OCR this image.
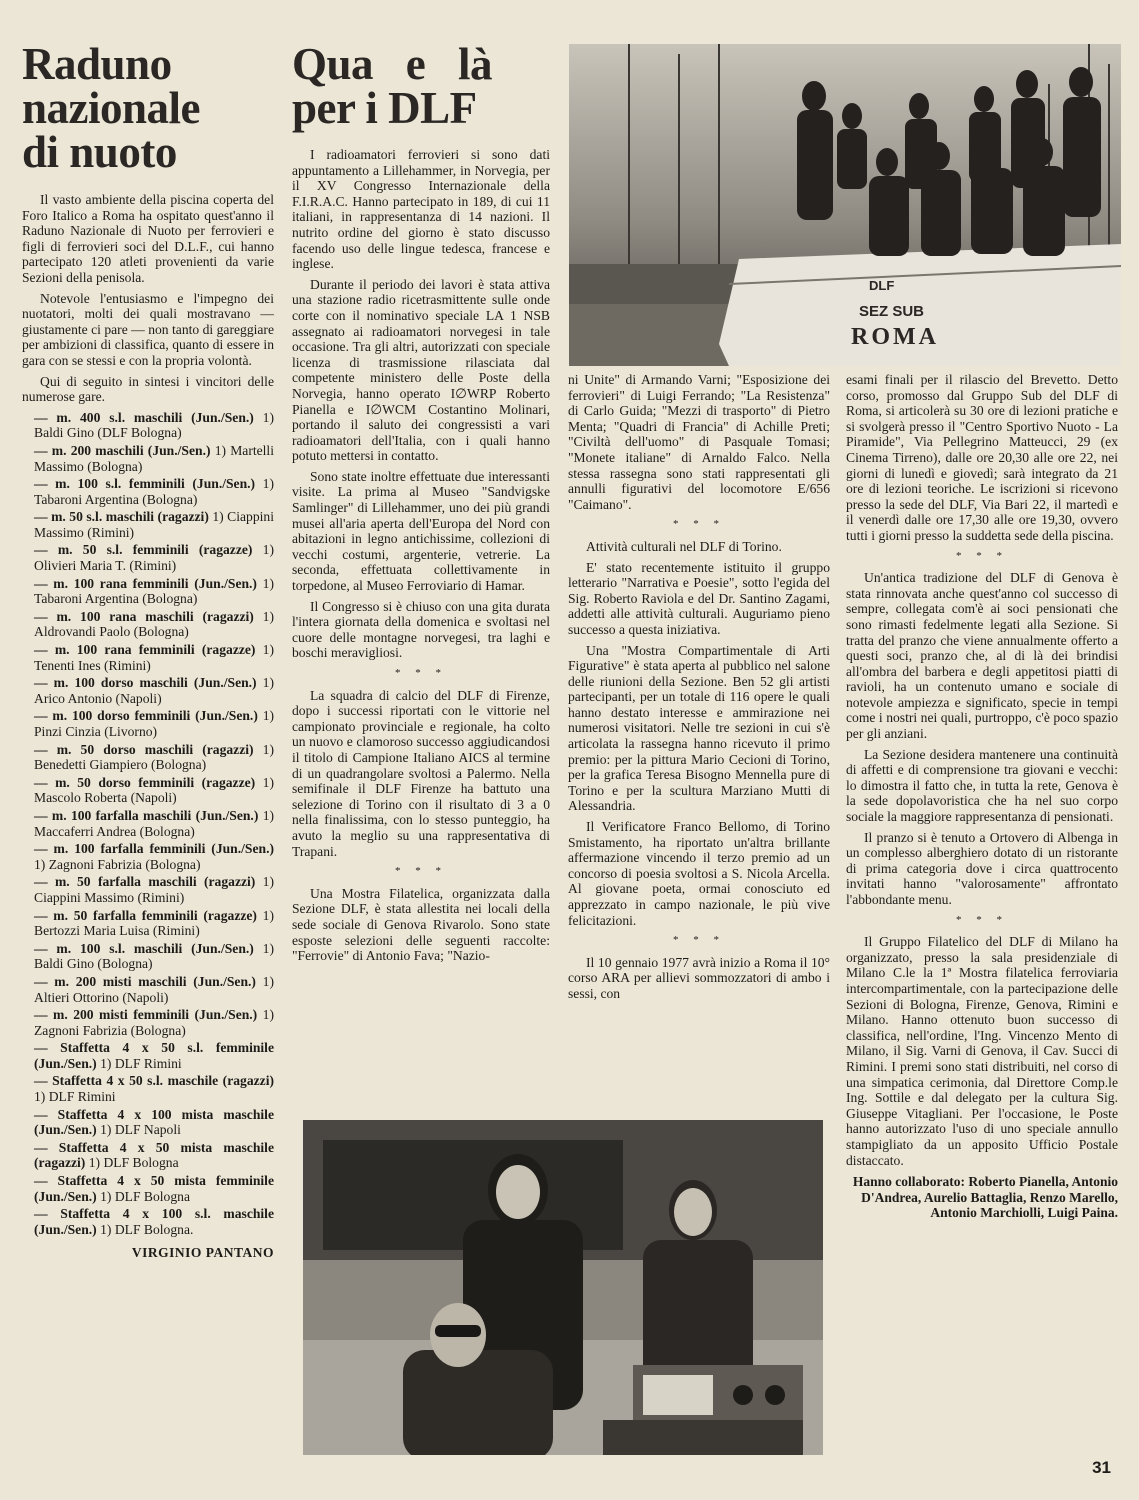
Raduno nazionale di nuoto

Il vasto ambiente della piscina coperta del Foro Italico a Roma ha ospitato quest'anno il Raduno Nazionale di Nuoto per ferrovieri e figli di ferrovieri soci del D.L.F., cui hanno partecipato 120 atleti provenienti da varie Sezioni della penisola.

Notevole l'entusiasmo e l'impegno dei nuotatori, molti dei quali mostravano — giustamente ci pare — non tanto di gareggiare per ambizioni di classifica, quanto di essere in gara con se stessi e con la propria volontà.

Qui di seguito in sintesi i vincitori delle numerose gare.

— m. 400 s.l. maschili (Jun./Sen.) 1) Baldi Gino (DLF Bologna)

— m. 200 maschili (Jun./Sen.) 1) Martelli Massimo (Bologna)

— m. 100 s.l. femminili (Jun./Sen.) 1) Tabaroni Argentina (Bologna)

— m. 50 s.l. maschili (ragazzi) 1) Ciappini Massimo (Rimini)

— m. 50 s.l. femminili (ragazze) 1) Olivieri Maria T. (Rimini)

— m. 100 rana femminili (Jun./Sen.) 1) Tabaroni Argentina (Bologna)

— m. 100 rana maschili (ragazzi) 1) Aldrovandi Paolo (Bologna)

— m. 100 rana femminili (ragazze) 1) Tenenti Ines (Rimini)

— m. 100 dorso maschili (Jun./Sen.) 1) Arico Antonio (Napoli)

— m. 100 dorso femminili (Jun./Sen.) 1) Pinzi Cinzia (Livorno)

— m. 50 dorso maschili (ragazzi) 1) Benedetti Giampiero (Bologna)

— m. 50 dorso femminili (ragazze) 1) Mascolo Roberta (Napoli)

— m. 100 farfalla maschili (Jun./Sen.) 1) Maccaferri Andrea (Bologna)

— m. 100 farfalla femminili (Jun./Sen.) 1) Zagnoni Fabrizia (Bologna)

— m. 50 farfalla maschili (ragazzi) 1) Ciappini Massimo (Rimini)

— m. 50 farfalla femminili (ragazze) 1) Bertozzi Maria Luisa (Rimini)

— m. 100 s.l. maschili (Jun./Sen.) 1) Baldi Gino (Bologna)

— m. 200 misti maschili (Jun./Sen.) 1) Altieri Ottorino (Napoli)

— m. 200 misti femminili (Jun./Sen.) 1) Zagnoni Fabrizia (Bologna)

— Staffetta 4 x 50 s.l. femminile (Jun./Sen.) 1) DLF Rimini

— Staffetta 4 x 50 s.l. maschile (ragazzi) 1) DLF Rimini

— Staffetta 4 x 100 mista maschile (Jun./Sen.) 1) DLF Napoli

— Staffetta 4 x 50 mista maschile (ragazzi) 1) DLF Bologna

— Staffetta 4 x 50 mista femminile (Jun./Sen.) 1) DLF Bologna

— Staffetta 4 x 100 s.l. maschile (Jun./Sen.) 1) DLF Bologna.

VIRGINIO PANTANO
Qua e là per i DLF

I radioamatori ferrovieri si sono dati appuntamento a Lillehammer, in Norvegia, per il XV Congresso Internazionale della F.I.R.A.C. Hanno partecipato in 189, di cui 11 italiani, in rappresentanza di 14 nazioni. Il nutrito ordine del giorno è stato discusso facendo uso delle lingue tedesca, francese e inglese.

Durante il periodo dei lavori è stata attiva una stazione radio ricetrasmittente sulle onde corte con il nominativo speciale LA 1 NSB assegnato ai radioamatori norvegesi in tale occasione. Tra gli altri, autorizzati con speciale licenza di trasmissione rilasciata dal competente ministero delle Poste della Norvegia, hanno operato I∅WRP Roberto Pianella e I∅WCM Costantino Molinari, portando il saluto dei congressisti a vari radioamatori dell'Italia, con i quali hanno potuto mettersi in contatto.

Sono state inoltre effettuate due interessanti visite. La prima al Museo "Sandvigske Samlinger" di Lillehammer, uno dei più grandi musei all'aria aperta dell'Europa del Nord con abitazioni in legno antichissime, collezioni di vecchi costumi, argenterie, vetrerie. La seconda, effettuata collettivamente in torpedone, al Museo Ferroviario di Hamar.

Il Congresso si è chiuso con una gita durata l'intera giornata della domenica e svoltasi nel cuore delle montagne norvegesi, tra laghi e boschi meravigliosi.

* * *

La squadra di calcio del DLF di Firenze, dopo i successi riportati con le vittorie nel campionato provinciale e regionale, ha colto un nuovo e clamoroso successo aggiudicandosi il titolo di Campione Italiano AICS al termine di un quadrangolare svoltosi a Palermo. Nella semifinale il DLF Firenze ha battuto una selezione di Torino con il risultato di 3 a 0 nella finalissima, con lo stesso punteggio, ha avuto la meglio su una rappresentativa di Trapani.

* * *

Una Mostra Filatelica, organizzata dalla Sezione DLF, è stata allestita nei locali della sede sociale di Genova Rivarolo. Sono state esposte selezioni delle seguenti raccolte: "Ferrovie" di Antonio Fava; "Nazio-

DLF
SEZ SUB
ROMA

ni Unite" di Armando Varni; "Esposizione dei ferrovieri" di Luigi Ferrando; "La Resistenza" di Carlo Guida; "Mezzi di trasporto" di Pietro Menta; "Quadri di Francia" di Achille Preti; "Civiltà dell'uomo" di Pasquale Tomasi; "Monete italiane" di Arnaldo Falco. Nella stessa rassegna sono stati rappresentati gli annulli figurativi del locomotore E/656 "Caimano".

* * *

Attività culturali nel DLF di Torino.

E' stato recentemente istituito il gruppo letterario "Narrativa e Poesie", sotto l'egida del Sig. Roberto Raviola e del Dr. Santino Zagami, addetti alle attività culturali. Auguriamo pieno successo a questa iniziativa.

Una "Mostra Compartimentale di Arti Figurative" è stata aperta al pubblico nel salone delle riunioni della Sezione. Ben 52 gli artisti partecipanti, per un totale di 116 opere le quali hanno destato interesse e ammirazione nei numerosi visitatori. Nelle tre sezioni in cui s'è articolata la rassegna hanno ricevuto il primo premio: per la pittura Mario Cecioni di Torino, per la grafica Teresa Bisogno Mennella pure di Torino e per la scultura Marziano Mutti di Alessandria.

Il Verificatore Franco Bellomo, di Torino Smistamento, ha riportato un'altra brillante affermazione vincendo il terzo premio ad un concorso di poesia svoltosi a S. Nicola Arcella. Al giovane poeta, ormai conosciuto ed apprezzato in campo nazionale, le più vive felicitazioni.

* * *

Il 10 gennaio 1977 avrà inizio a Roma il 10° corso ARA per allievi sommozzatori di ambo i sessi, con

esami finali per il rilascio del Brevetto. Detto corso, promosso dal Gruppo Sub del DLF di Roma, si articolerà su 30 ore di lezioni pratiche e si svolgerà presso il "Centro Sportivo Nuoto - La Piramide", Via Pellegrino Matteucci, 29 (ex Cinema Tirreno), dalle ore 20,30 alle ore 22, nei giorni di lunedì e giovedì; sarà integrato da 21 ore di lezioni teoriche. Le iscrizioni si ricevono presso la sede del DLF, Via Bari 22, il martedì e il venerdì dalle ore 17,30 alle ore 19,30, ovvero tutti i giorni presso la suddetta sede della piscina.

* * *

Un'antica tradizione del DLF di Genova è stata rinnovata anche quest'anno col successo di sempre, collegata com'è ai soci pensionati che sono rimasti fedelmente legati alla Sezione. Si tratta del pranzo che viene annualmente offerto a questi soci, pranzo che, al di là dei brindisi all'ombra del barbera e degli appetitosi piatti di ravioli, ha un contenuto umano e sociale di notevole ampiezza e significato, specie in tempi come i nostri nei quali, purtroppo, c'è poco spazio per gli anziani.

La Sezione desidera mantenere una continuità di affetti e di comprensione tra giovani e vecchi: lo dimostra il fatto che, in tutta la rete, Genova è la sede dopolavoristica che ha nel suo corpo sociale la maggiore rappresentanza di pensionati.

Il pranzo si è tenuto a Ortovero di Albenga in un complesso alberghiero dotato di un ristorante di prima categoria dove i circa quattrocento invitati hanno "valorosamente" affrontato l'abbondante menu.

* * *

Il Gruppo Filatelico del DLF di Milano ha organizzato, presso la sala presidenziale di Milano C.le la 1ª Mostra filatelica ferroviaria intercompartimentale, con la partecipazione delle Sezioni di Bologna, Firenze, Genova, Rimini e Milano. Hanno ottenuto buon successo di classifica, nell'ordine, l'Ing. Vincenzo Mento di Milano, il Sig. Varni di Genova, il Cav. Succi di Rimini. I premi sono stati distribuiti, nel corso di una simpatica cerimonia, dal Direttore Comp.le Ing. Sottile e dal delegato per la cultura Sig. Giuseppe Vitagliani. Per l'occasione, le Poste hanno autorizzato l'uso di uno speciale annullo stampigliato da un apposito Ufficio Postale distaccato.

Hanno collaborato: Roberto Pianella, Antonio D'Andrea, Aurelio Battaglia, Renzo Marello, Antonio Marchiolli, Luigi Paina.
31
